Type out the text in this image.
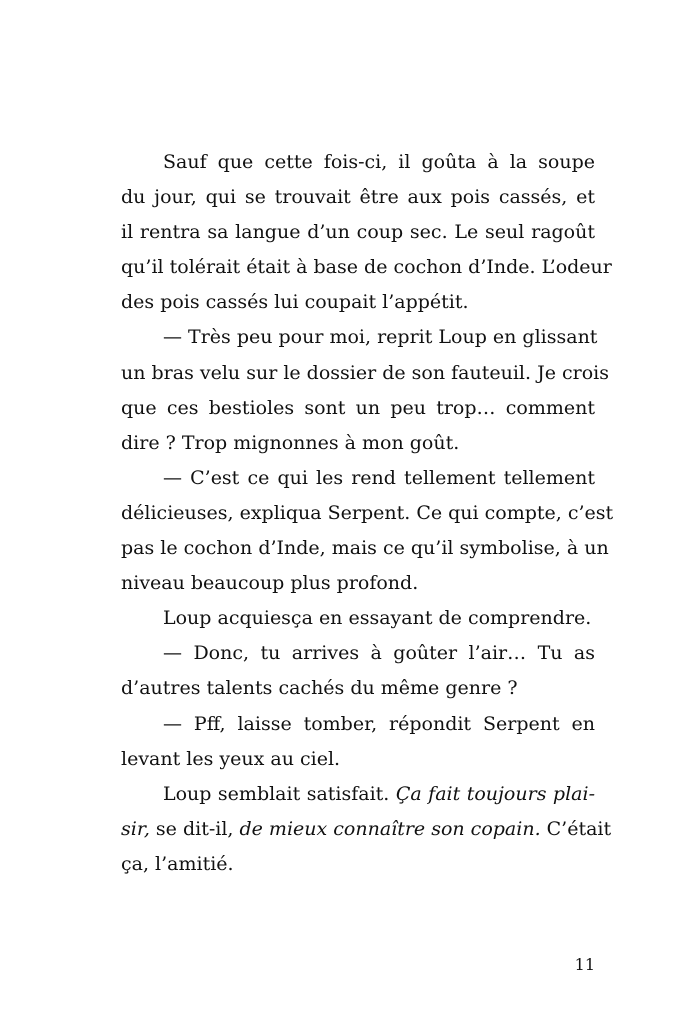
Sauf que cette fois-ci, il goûta à la soupe
du jour, qui se trouvait être aux pois cassés, et
il rentra sa langue d’un coup sec. Le seul ragoût
qu’il tolérait était à base de cochon d’Inde. L’odeur
des pois cassés lui coupait l’appétit.
— Très peu pour moi, reprit Loup en glissant
un bras velu sur le dossier de son fauteuil. Je crois
que ces bestioles sont un peu trop… comment
dire ? Trop mignonnes à mon goût.
— C’est ce qui les rend tellement tellement
délicieuses, expliqua Serpent. Ce qui compte, c’est
pas le cochon d’Inde, mais ce qu’il symbolise, à un
niveau beaucoup plus profond.
Loup acquiesça en essayant de comprendre.
— Donc, tu arrives à goûter l’air… Tu as
d’autres talents cachés du même genre ?
— Pff, laisse tomber, répondit Serpent en
levant les yeux au ciel.
Loup semblait satisfait. Ça fait toujours plai-
sir, se dit-il, de mieux connaître son copain. C’était
ça, l’amitié.
11
